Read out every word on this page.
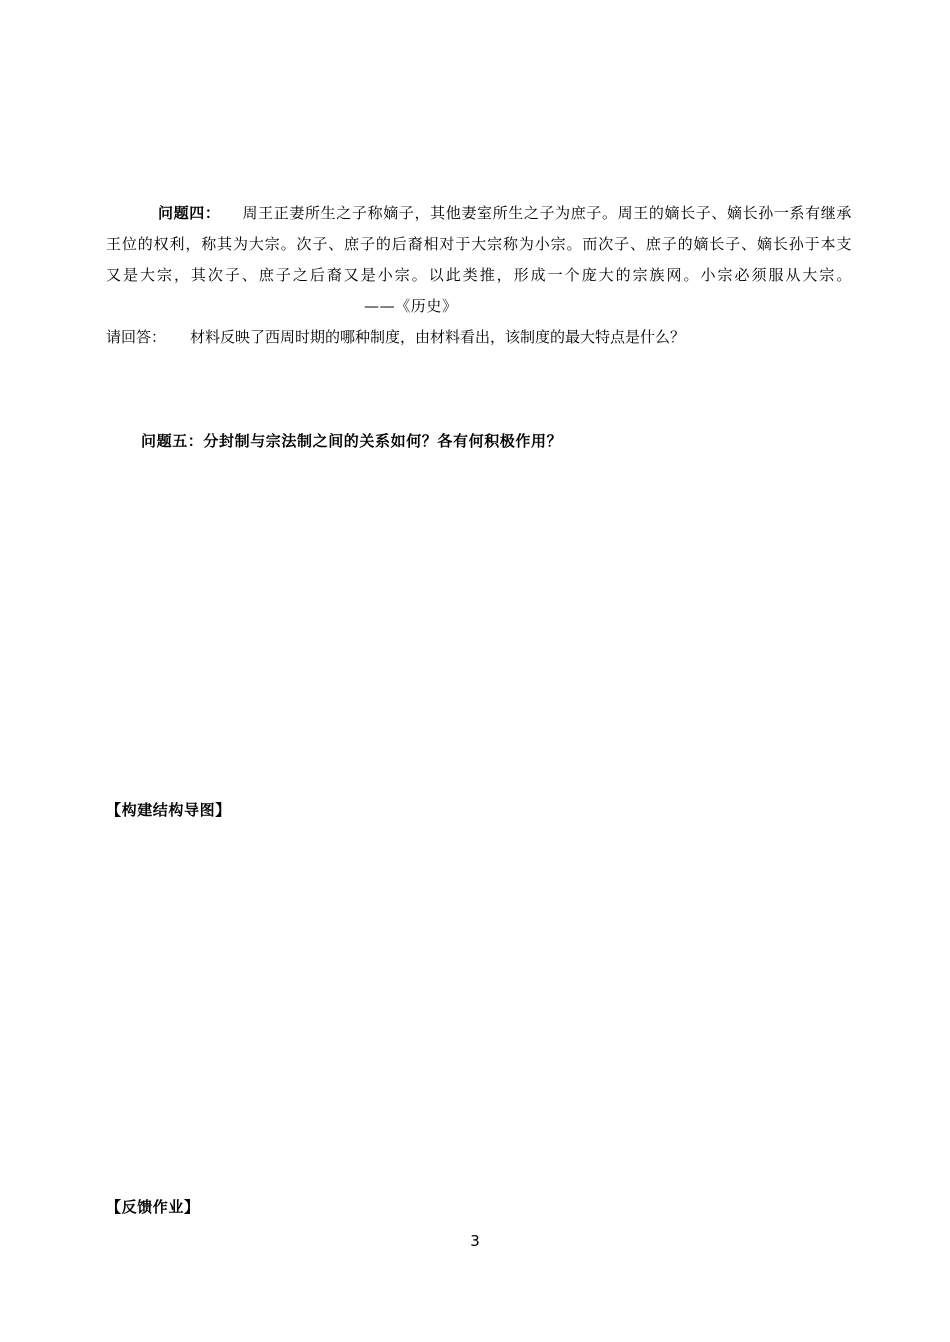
问题四： 周王正妻所生之子称嫡子，其他妻室所生之子为庶子。周王的嫡长子、嫡长孙一系有继承王位的权利，称其为大宗。次子、庶子的后裔相对于大宗称为小宗。而次子、庶子的嫡长子、嫡长孙于本支又是大宗，其次子、庶子之后裔又是小宗。以此类推，形成一个庞大的宗族网。小宗必须服从大宗。——《历史》
请回答： 材料反映了西周时期的哪种制度，由材料看出，该制度的最大特点是什么？
问题五：分封制与宗法制之间的关系如何？各有何积极作用？
【构建结构导图】
【反馈作业】
3
